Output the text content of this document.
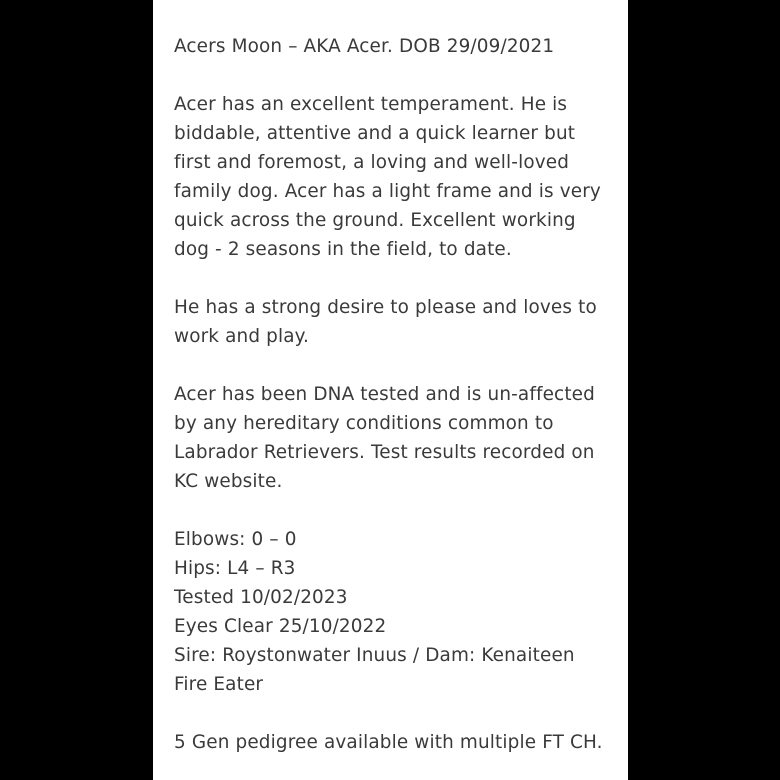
Acers Moon – AKA Acer. DOB 29/09/2021

Acer has an excellent temperament. He is
biddable, attentive and a quick learner but
first and foremost, a loving and well-loved
family dog. Acer has a light frame and is very
quick across the ground. Excellent working
dog - 2 seasons in the field, to date.

He has a strong desire to please and loves to
work and play.

Acer has been DNA tested and is un-affected
by any hereditary conditions common to
Labrador Retrievers. Test results recorded on
KC website.

Elbows: 0 – 0
Hips: L4 – R3
Tested 10/02/2023
Eyes Clear 25/10/2022
Sire: Roystonwater Inuus / Dam: Kenaiteen
Fire Eater

5 Gen pedigree available with multiple FT CH.
